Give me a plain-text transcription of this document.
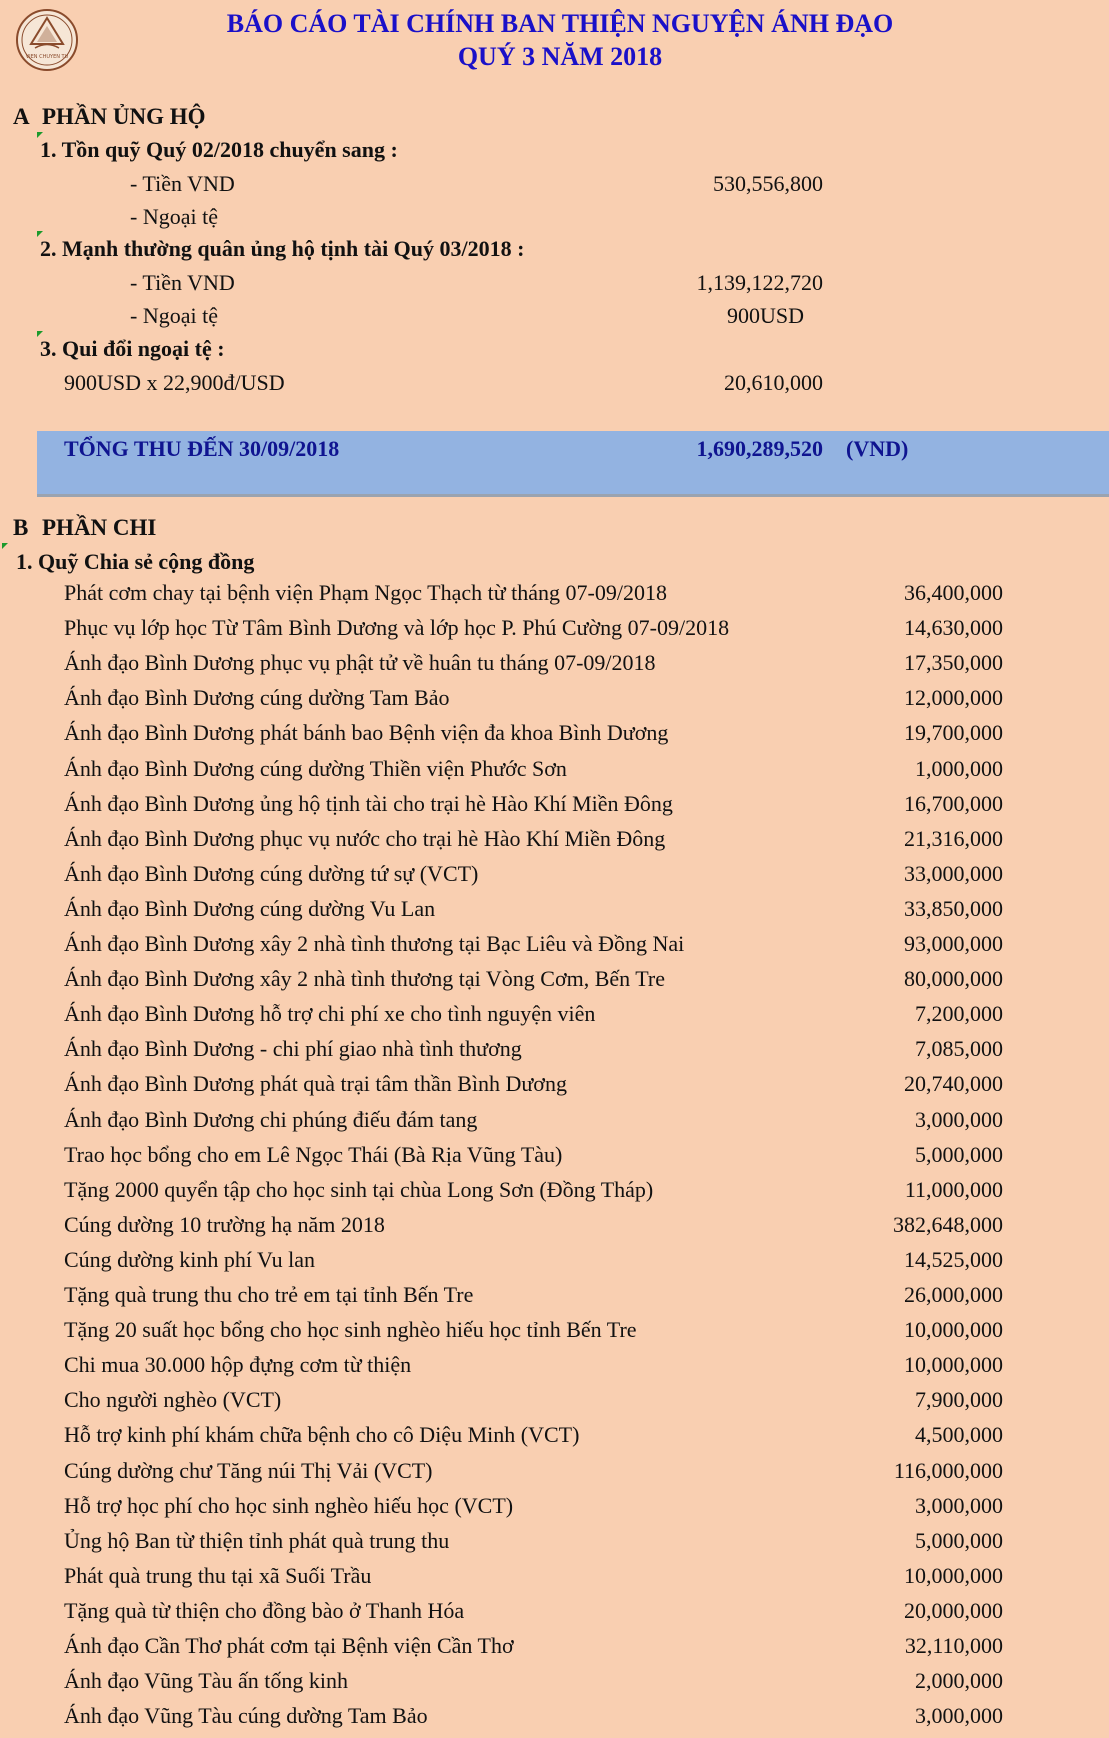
VIEN CHUYEN TU
BÁO CÁO TÀI CHÍNH BAN THIỆN NGUYỆN ÁNH ĐẠO
QUÝ 3 NĂM 2018
A PHẦN ỦNG HỘ
1. Tồn quỹ Quý 02/2018 chuyển sang :
- Tiền VND	530,556,800
- Ngoại tệ
2. Mạnh thường quân ủng hộ tịnh tài Quý 03/2018 :
- Tiền VND	1,139,122,720
- Ngoại tệ	900USD
3. Qui đổi ngoại tệ :
900USD x 22,900đ/USD	20,610,000
TỔNG THU ĐẾN 30/09/2018	1,690,289,520 (VND)
B PHẦN CHI
1. Quỹ Chia sẻ cộng đồng
Phát cơm chay tại bệnh viện Phạm Ngọc Thạch từ tháng 07-09/2018	36,400,000
Phục vụ lớp học Từ Tâm Bình Dương và lớp học P. Phú Cường 07-09/2018	14,630,000
Ánh đạo Bình Dương phục vụ phật tử về huân tu tháng 07-09/2018	17,350,000
Ánh đạo Bình Dương cúng dường Tam Bảo	12,000,000
Ánh đạo Bình Dương phát bánh bao Bệnh viện đa khoa Bình Dương	19,700,000
Ánh đạo Bình Dương cúng dường Thiền viện Phước Sơn	1,000,000
Ánh đạo Bình Dương ủng hộ tịnh tài cho trại hè Hào Khí Miền Đông	16,700,000
Ánh đạo Bình Dương phục vụ nước cho trại hè Hào Khí Miền Đông	21,316,000
Ánh đạo Bình Dương cúng dường tứ sự (VCT)	33,000,000
Ánh đạo Bình Dương cúng dường Vu Lan	33,850,000
Ánh đạo Bình Dương xây 2 nhà tình thương tại Bạc Liêu và Đồng Nai	93,000,000
Ánh đạo Bình Dương xây 2 nhà tình thương tại Vòng Cơm, Bến Tre	80,000,000
Ánh đạo Bình Dương hỗ trợ chi phí xe cho tình nguyện viên	7,200,000
Ánh đạo Bình Dương - chi phí giao nhà tình thương	7,085,000
Ánh đạo Bình Dương phát quà trại tâm thần Bình Dương	20,740,000
Ánh đạo Bình Dương chi phúng điếu đám tang	3,000,000
Trao học bổng cho em Lê Ngọc Thái (Bà Rịa Vũng Tàu)	5,000,000
Tặng 2000 quyển tập cho học sinh tại chùa Long Sơn (Đồng Tháp)	11,000,000
Cúng dường 10 trường hạ năm 2018	382,648,000
Cúng dường kinh phí Vu lan	14,525,000
Tặng quà trung thu cho trẻ em tại tỉnh Bến Tre	26,000,000
Tặng 20 suất học bổng cho học sinh nghèo hiếu học tỉnh Bến Tre	10,000,000
Chi mua 30.000 hộp đựng cơm từ thiện	10,000,000
Cho người nghèo (VCT)	7,900,000
Hỗ trợ kinh phí khám chữa bệnh cho cô Diệu Minh (VCT)	4,500,000
Cúng dường chư Tăng núi Thị Vải (VCT)	116,000,000
Hỗ trợ học phí cho học sinh nghèo hiếu học (VCT)	3,000,000
Ủng hộ Ban từ thiện tỉnh phát quà trung thu	5,000,000
Phát quà trung thu tại xã Suối Trầu	10,000,000
Tặng quà từ thiện cho đồng bào ở Thanh Hóa	20,000,000
Ánh đạo Cần Thơ phát cơm tại Bệnh viện Cần Thơ	32,110,000
Ánh đạo Vũng Tàu ấn tống kinh	2,000,000
Ánh đạo Vũng Tàu cúng dường Tam Bảo	3,000,000
